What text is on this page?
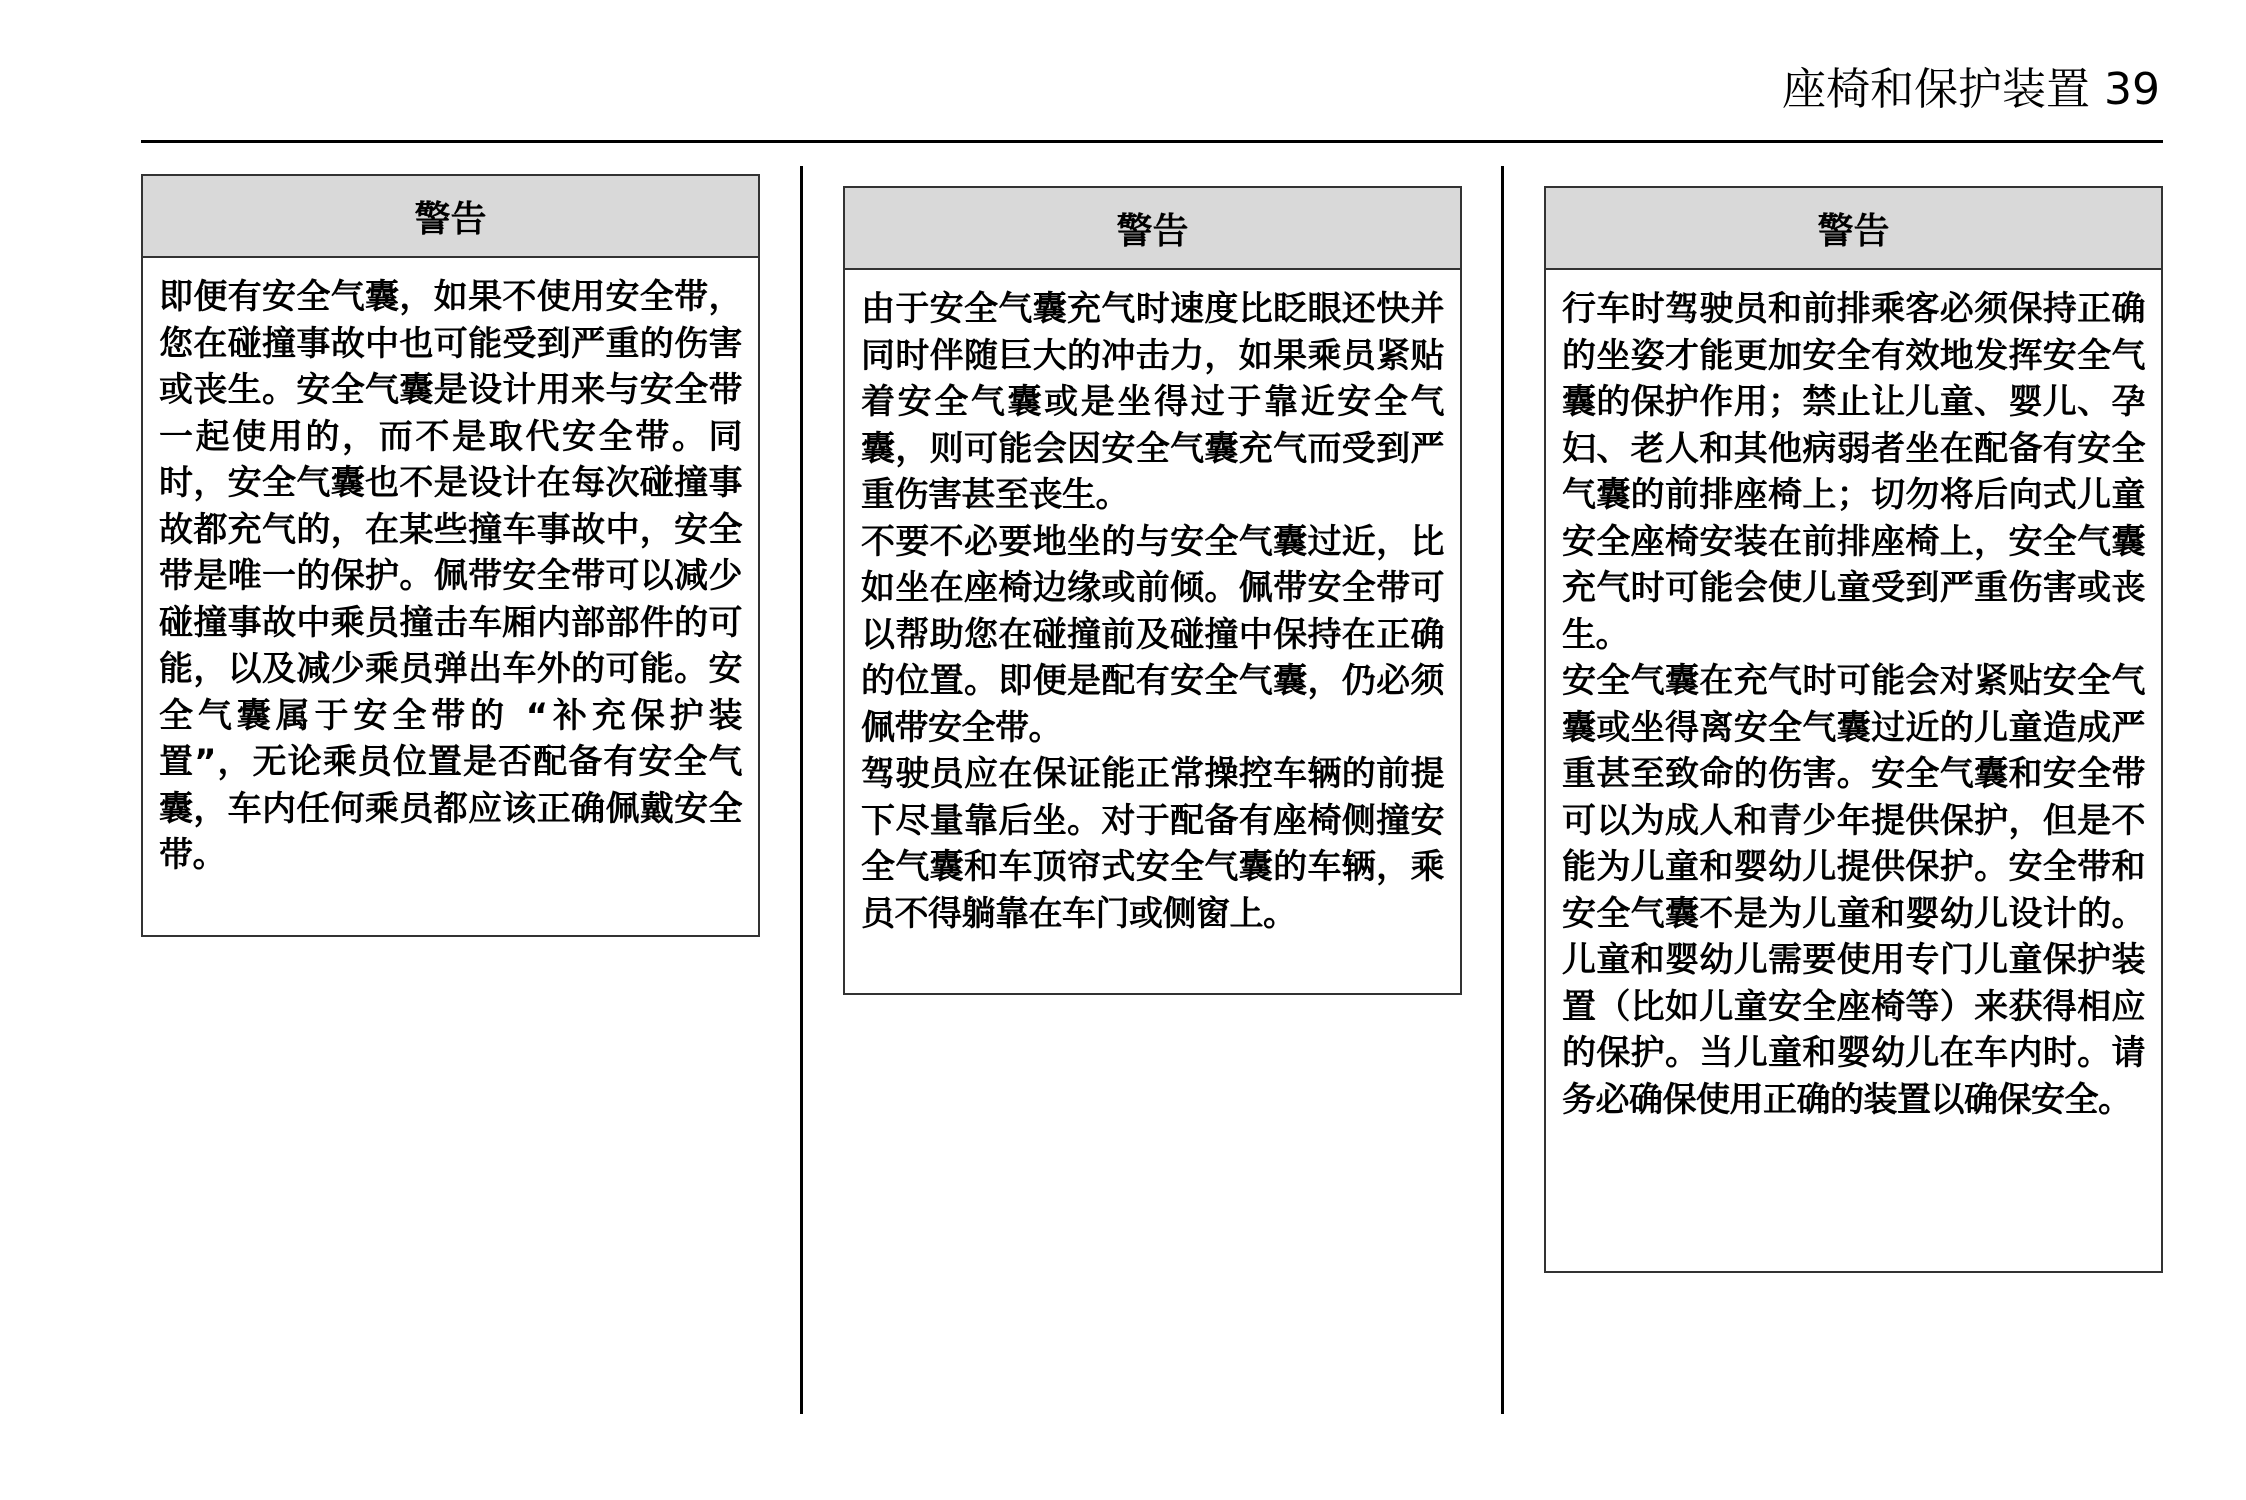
座椅和保护装置 39
警告

即便有安全气囊，如果不使用安全带，您在碰撞事故中也可能受到严重的伤害或丧生。安全气囊是设计用来与安全带一起使用的，而不是取代安全带。同时，安全气囊也不是设计在每次碰撞事故都充气的，在某些撞车事故中，安全带是唯一的保护。佩带安全带可以减少碰撞事故中乘员撞击车厢内部部件的可能，以及减少乘员弹出车外的可能。安全气囊属于安全带的 “补充保护装置”，无论乘员位置是否配备有安全气囊，车内任何乘员都应该正确佩戴安全带。

警告

由于安全气囊充气时速度比眨眼还快并同时伴随巨大的冲击力，如果乘员紧贴着安全气囊或是坐得过于靠近安全气囊，则可能会因安全气囊充气而受到严重伤害甚至丧生。

不要不必要地坐的与安全气囊过近，比如坐在座椅边缘或前倾。佩带安全带可以帮助您在碰撞前及碰撞中保持在正确的位置。即便是配有安全气囊，仍必须佩带安全带。

驾驶员应在保证能正常操控车辆的前提下尽量靠后坐。对于配备有座椅侧撞安全气囊和车顶帘式安全气囊的车辆，乘员不得躺靠在车门或侧窗上。

警告

行车时驾驶员和前排乘客必须保持正确的坐姿才能更加安全有效地发挥安全气囊的保护作用；禁止让儿童、婴儿、孕妇、老人和其他病弱者坐在配备有安全气囊的前排座椅上；切勿将后向式儿童安全座椅安装在前排座椅上，安全气囊充气时可能会使儿童受到严重伤害或丧生。

安全气囊在充气时可能会对紧贴安全气囊或坐得离安全气囊过近的儿童造成严重甚至致命的伤害。安全气囊和安全带可以为成人和青少年提供保护，但是不能为儿童和婴幼儿提供保护。安全带和安全气囊不是为儿童和婴幼儿设计的。儿童和婴幼儿需要使用专门儿童保护装置（比如儿童安全座椅等）来获得相应的保护。当儿童和婴幼儿在车内时。请务必确保使用正确的装置以确保安全。
